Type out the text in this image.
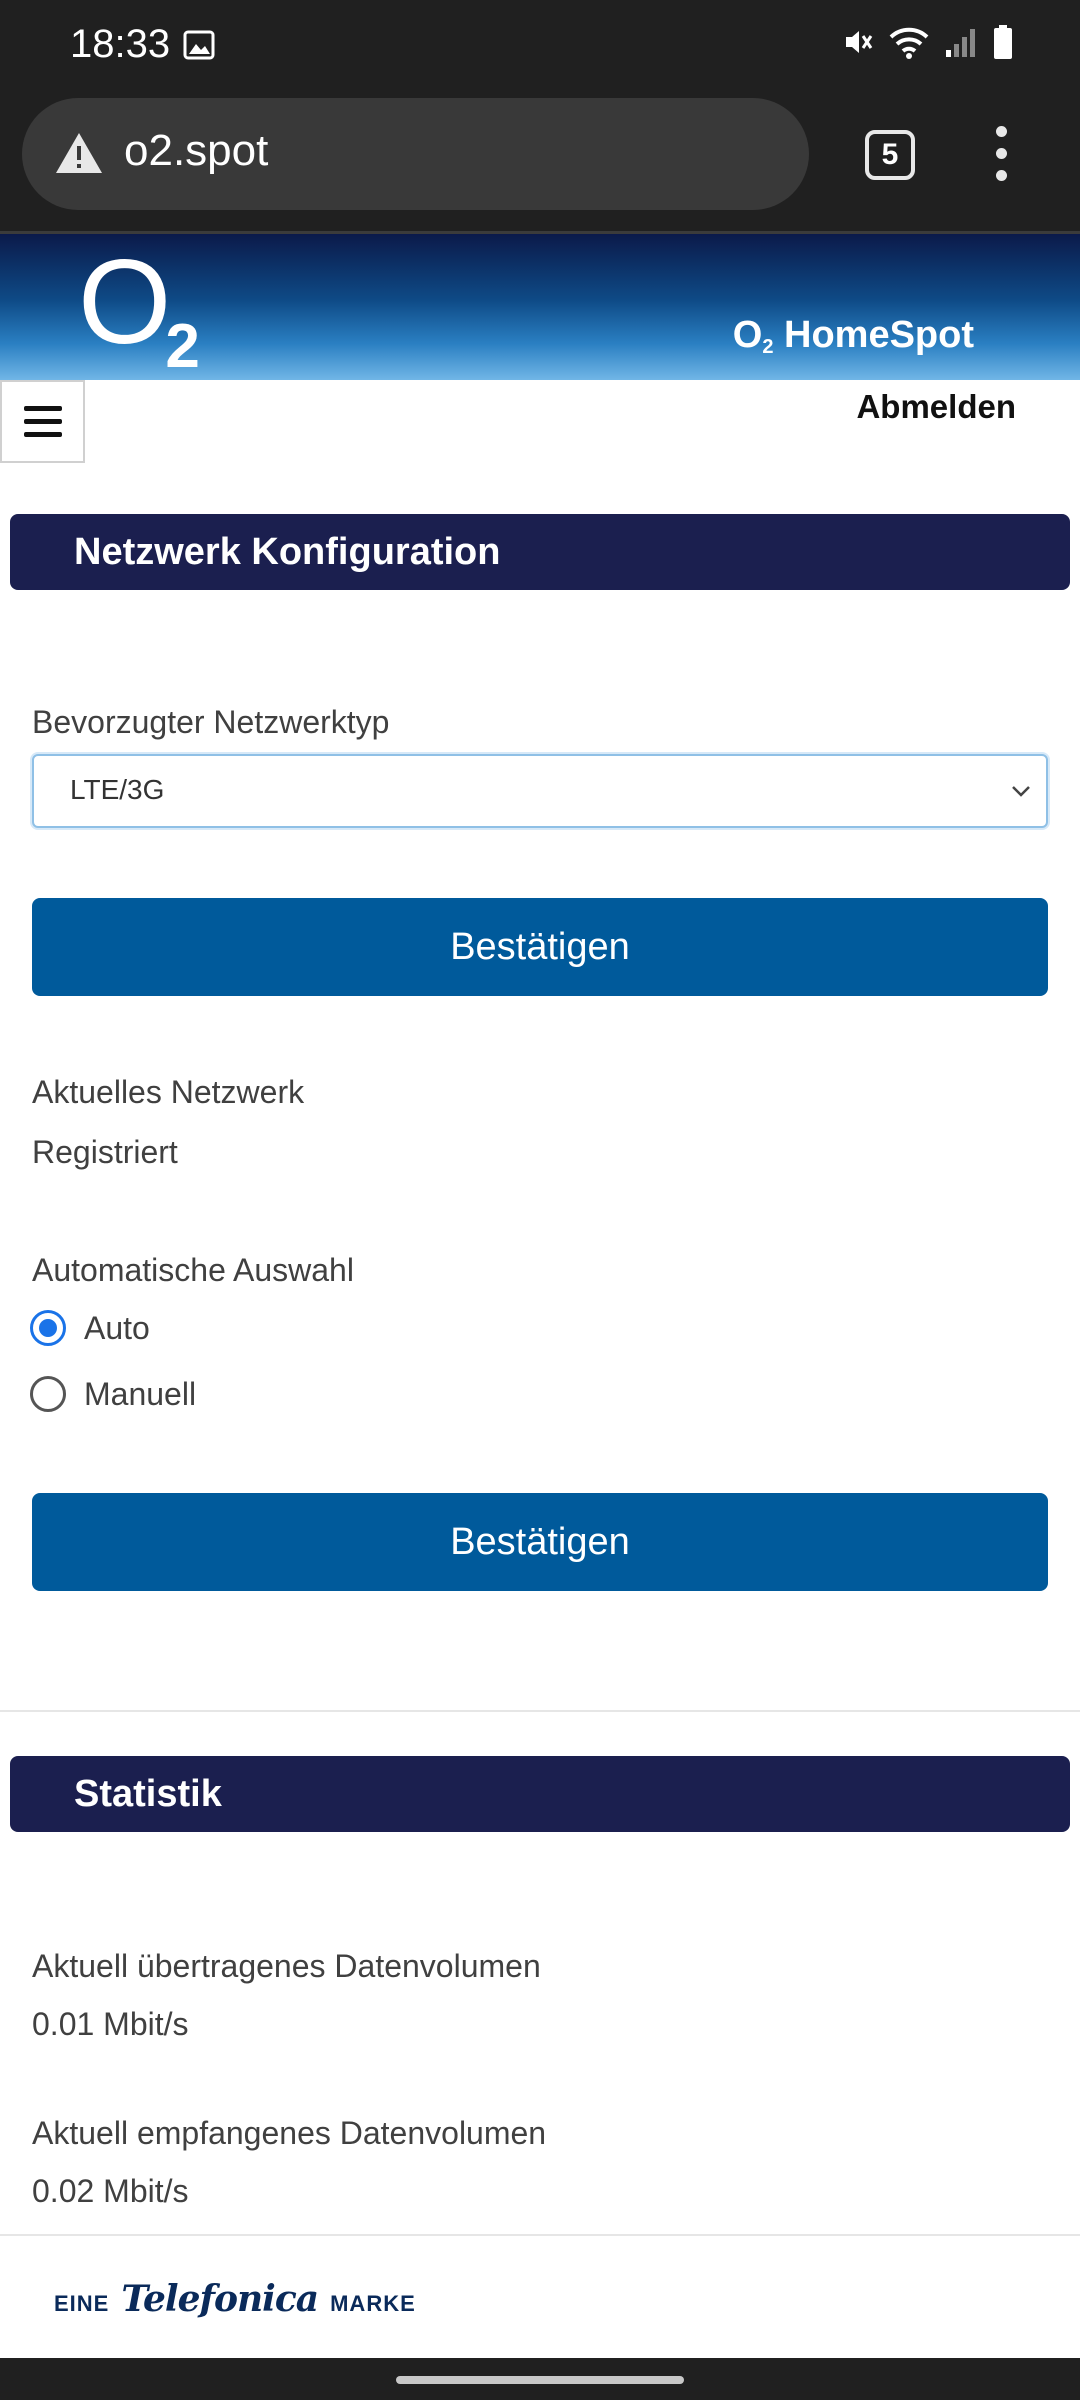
18:33
o2.spot	5
$O_2$	O2 HomeSpot
Abmelden
Netzwerk Konfiguration
Bevorzugter Netzwerktyp
LTE/3G
Bestätigen
Aktuelles Netzwerk
Registriert
Automatische Auswahl
Auto
Manuell
Bestätigen
Statistik
Aktuell übertragenes Datenvolumen
0.01 Mbit/s
Aktuell empfangenes Datenvolumen
0.02 Mbit/s
EINE Telefonica MARKE
